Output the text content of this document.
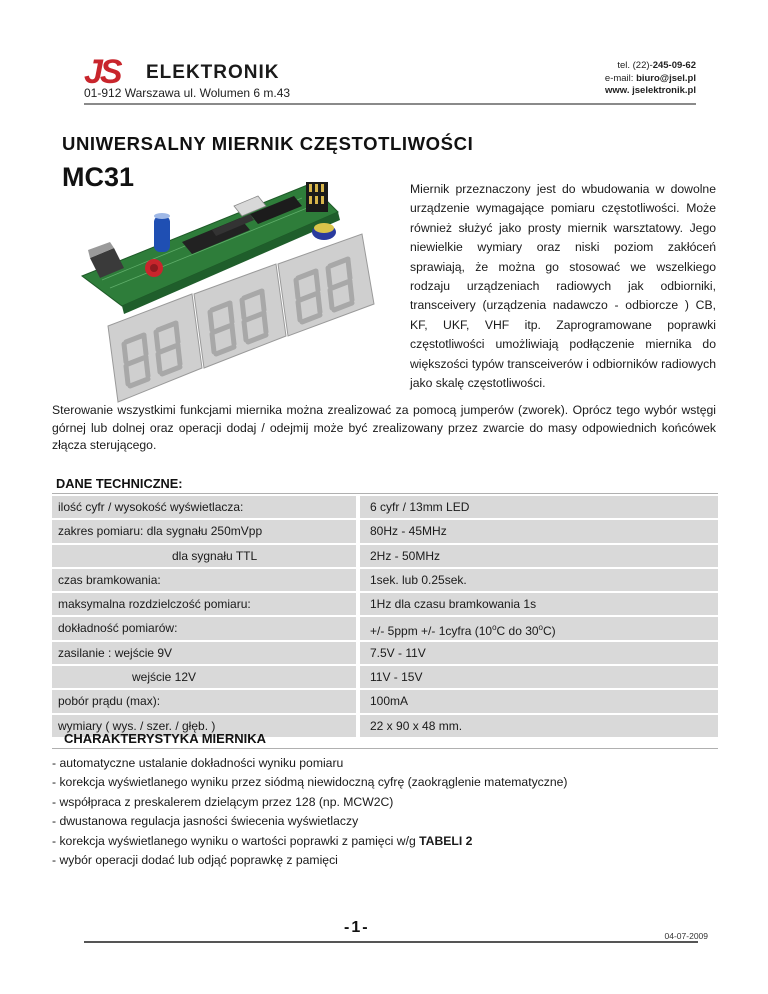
JS ELEKTRONIK
01-912 Warszawa ul. Wolumen 6 m.43
tel. (22)-245-09-62
e-mail: biuro@jsel.pl
www. jselektronik.pl
UNIWERSALNY MIERNIK CZĘSTOTLIWOŚCI
MC31	Miernik przeznaczony jest do wbudowania w dowolne urządzenie wymagające pomiaru częstotliwości. Może również służyć jako prosty miernik warsztatowy. Jego niewielkie wymiary oraz niski poziom zakłóceń sprawiają, że można go stosować we wszelkiego rodzaju urządzeniach radiowych jak odbiorniki, transceivery (urządzenia nadawczo - odbiorcze ) CB, KF, UKF, VHF itp. Zaprogramowane poprawki częstotliwości umożliwiają podłączenie miernika do większości typów transceiverów i odbiorników radiowych jako skalę częstotliwości.
Sterowanie wszystkimi funkcjami miernika można zrealizować za pomocą jumperów (zworek). Oprócz tego wybór wstęgi górnej lub dolnej oraz operacji dodaj / odejmij może być zrealizowany przez zwarcie do masy odpowiednich końcówek złącza sterującego.
DANE TECHNICZNE:
ilość cyfr / wysokość wyświetlacza:	6 cyfr / 13mm LED
zakres pomiaru: dla sygnału 250mVpp	80Hz - 45MHz
dla sygnału TTL	2Hz - 50MHz
czas bramkowania:	1sek. lub 0.25sek.
maksymalna rozdzielczość pomiaru:	1Hz dla czasu bramkowania 1s
dokładność pomiarów:	+/- 5ppm +/- 1cyfra (10$^o$C do 30$^o$C)
zasilanie : wejście 9V	7.5V - 11V
wejście 12V	11V - 15V
pobór prądu (max):	100mA
wymiary ( wys. / szer. / głęb. )	22 x 90 x 48 mm.
CHARAKTERYSTYKA MIERNIKA
- automatyczne ustalanie dokładności wyniku pomiaru
- korekcja wyświetlanego wyniku przez siódmą niewidoczną cyfrę (zaokrąglenie matematyczne)
- współpraca z preskalerem dzielącym przez 128 (np. MCW2C)
- dwustanowa regulacja jasności świecenia wyświetlaczy
- korekcja wyświetlanego wyniku o wartości poprawki z pamięci w/g TABELI 2
- wybór operacji dodać lub odjąć poprawkę z pamięci
-1-	04-07-2009
